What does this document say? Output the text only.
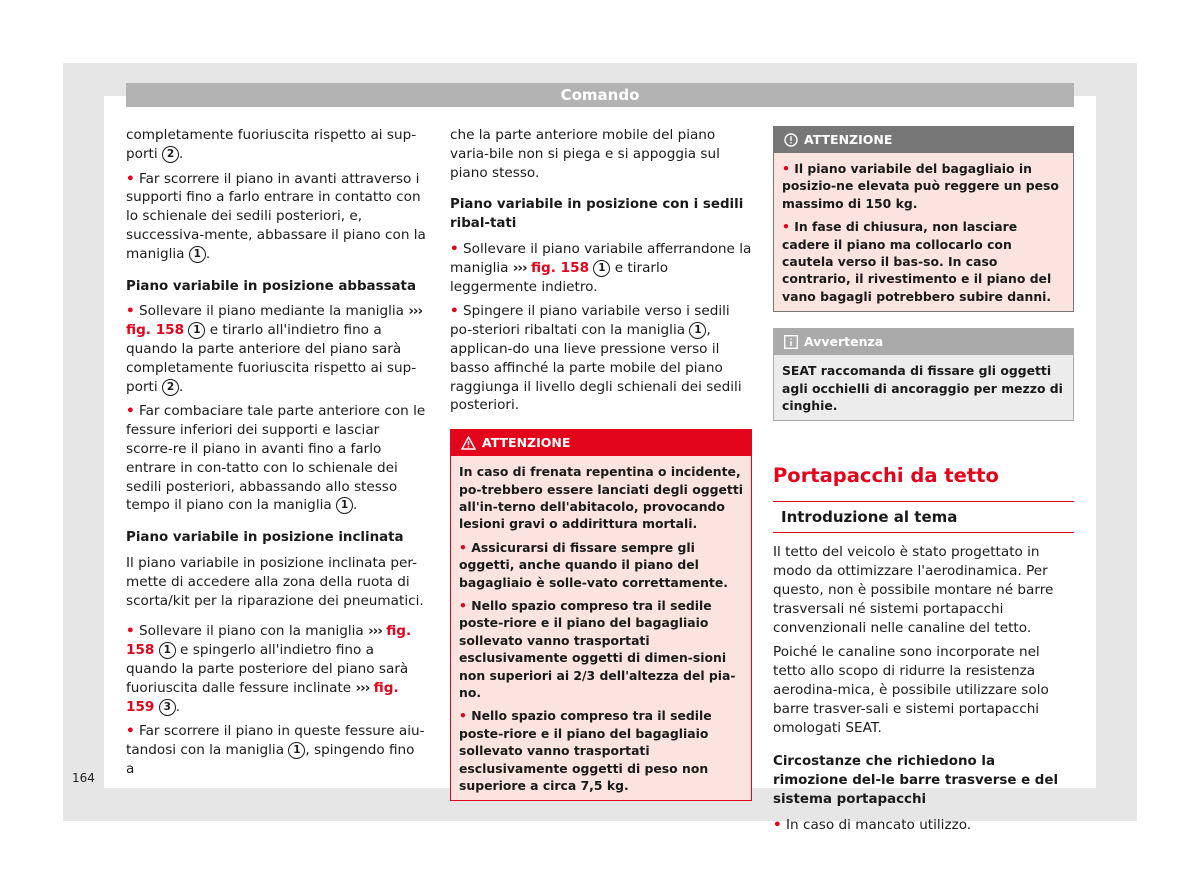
Comando

completamente fuoriuscita rispetto ai sup-porti 2 .

• Far scorrere il piano in avanti attraverso i supporti fino a farlo entrare in contatto con lo schienale dei sedili posteriori, e, successiva-mente, abbassare il piano con la maniglia 1 .

Piano variabile in posizione abbassata

• Sollevare il piano mediante la maniglia ››› fig. 158 1 e tirarlo all'indietro fino a quando la parte anteriore del piano sarà completamente fuoriuscita rispetto ai sup-porti 2 .

• Far combaciare tale parte anteriore con le fessure inferiori dei supporti e lasciar scorre-re il piano in avanti fino a farlo entrare in con-tatto con lo schienale dei sedili posteriori, abbassando allo stesso tempo il piano con la maniglia 1 .

Piano variabile in posizione inclinata

Il piano variabile in posizione inclinata per-mette di accedere alla zona della ruota di scorta/kit per la riparazione dei pneumatici.

• Sollevare il piano con la maniglia ››› fig. 158 1 e spingerlo all'indietro fino a quando la parte posteriore del piano sarà fuoriuscita dalle fessure inclinate ››› fig. 159 3 .

• Far scorrere il piano in queste fessure aiu-tandosi con la maniglia 1 , spingendo fino a

che la parte anteriore mobile del piano varia-bile non si piega e si appoggia sul piano stesso.

Piano variabile in posizione con i sedili ribal-tati

• Sollevare il piano variabile afferrandone la maniglia ››› fig. 158 1 e tirarlo leggermente indietro.

• Spingere il piano variabile verso i sedili po-steriori ribaltati con la maniglia 1 , applican-do una lieve pressione verso il basso affinché la parte mobile del piano raggiunga il livello degli schienali dei sedili posteriori.

ATTENZIONE

In caso di frenata repentina o incidente, po-trebbero essere lanciati degli oggetti all'in-terno dell'abitacolo, provocando lesioni gravi o addirittura mortali.

• Assicurarsi di fissare sempre gli oggetti, anche quando il piano del bagagliaio è solle-vato correttamente.

• Nello spazio compreso tra il sedile poste-riore e il piano del bagagliaio sollevato vanno trasportati esclusivamente oggetti di dimen-sioni non superiori ai 2/3 dell'altezza del pia-no.

• Nello spazio compreso tra il sedile poste-riore e il piano del bagagliaio sollevato vanno trasportati esclusivamente oggetti di peso non superiore a circa 7,5 kg.

ATTENZIONE

• Il piano variabile del bagagliaio in posizio-ne elevata può reggere un peso massimo di 150 kg.

• In fase di chiusura, non lasciare cadere il piano ma collocarlo con cautela verso il bas-so. In caso contrario, il rivestimento e il piano del vano bagagli potrebbero subire danni.

Avvertenza

SEAT raccomanda di fissare gli oggetti agli occhielli di ancoraggio per mezzo di cinghie.

Portapacchi da tetto
Introduzione al tema

Il tetto del veicolo è stato progettato in modo da ottimizzare l'aerodinamica. Per questo, non è possibile montare né barre trasversali né sistemi portapacchi convenzionali nelle canaline del tetto.

Poiché le canaline sono incorporate nel tetto allo scopo di ridurre la resistenza aerodina-mica, è possibile utilizzare solo barre trasver-sali e sistemi portapacchi omologati SEAT.

Circostanze che richiedono la rimozione del-le barre trasverse e del sistema portapacchi

• In caso di mancato utilizzo.

164
